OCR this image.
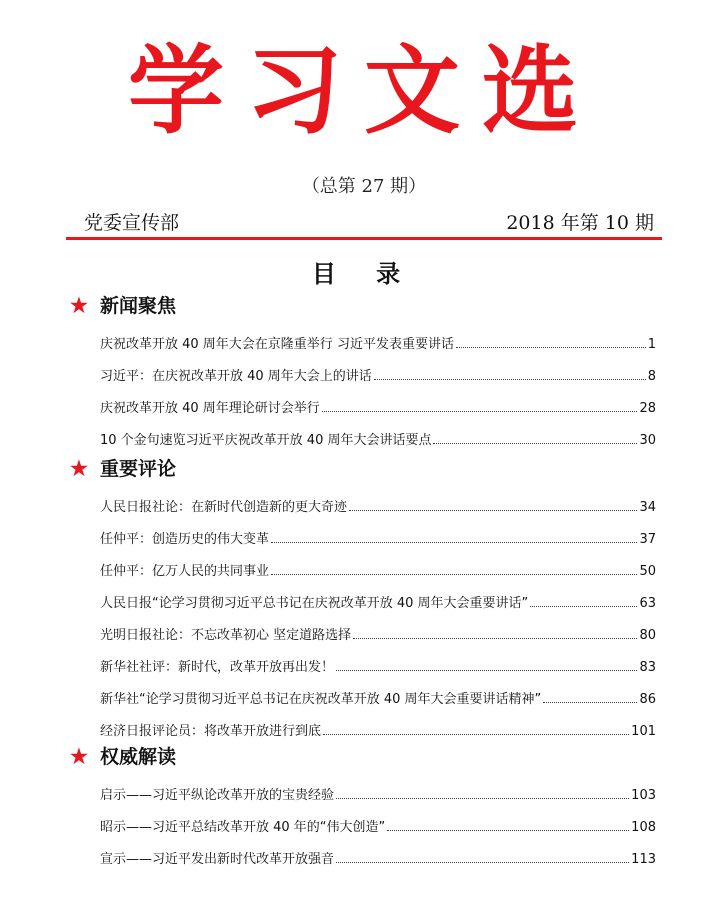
学习文选
（总第 27 期）
党委宣传部	2018 年第 10 期
目 录
★ 新闻聚焦
庆祝改革开放 40 周年大会在京隆重举行 习近平发表重要讲话	1
习近平：在庆祝改革开放 40 周年大会上的讲话	8
庆祝改革开放 40 周年理论研讨会举行	28
10 个金句速览习近平庆祝改革开放 40 周年大会讲话要点	30
★ 重要评论
人民日报社论：在新时代创造新的更大奇迹	34
任仲平：创造历史的伟大变革	37
任仲平：亿万人民的共同事业	50
人民日报“论学习贯彻习近平总书记在庆祝改革开放 40 周年大会重要讲话”	63
光明日报社论：不忘改革初心 坚定道路选择	80
新华社社评：新时代，改革开放再出发！	83
新华社“论学习贯彻习近平总书记在庆祝改革开放 40 周年大会重要讲话精神”	86
经济日报评论员：将改革开放进行到底	101
★ 权威解读
启示——习近平纵论改革开放的宝贵经验	103
昭示——习近平总结改革开放 40 年的“伟大创造”	108
宣示——习近平发出新时代改革开放强音	113
